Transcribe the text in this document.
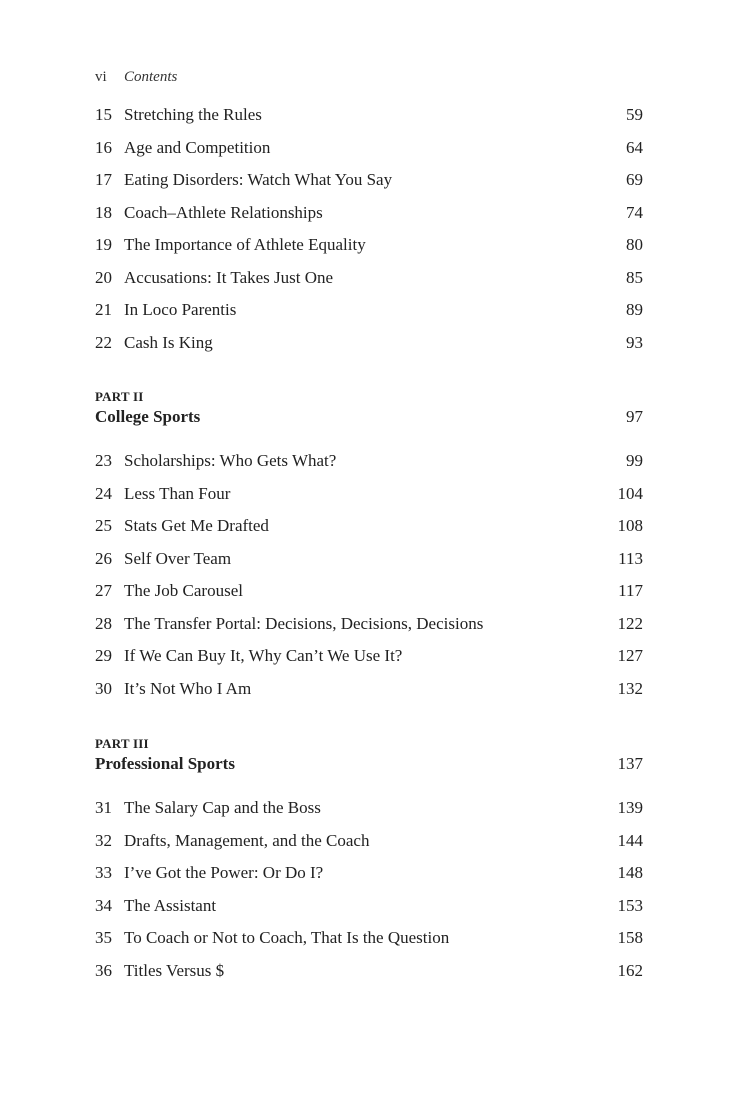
vi Contents
15 Stretching the Rules	59
16 Age and Competition	64
17 Eating Disorders: Watch What You Say	69
18 Coach–Athlete Relationships	74
19 The Importance of Athlete Equality	80
20 Accusations: It Takes Just One	85
21 In Loco Parentis	89
22 Cash Is King	93
PART II
College Sports	97
23 Scholarships: Who Gets What?	99
24 Less Than Four	104
25 Stats Get Me Drafted	108
26 Self Over Team	113
27 The Job Carousel	117
28 The Transfer Portal: Decisions, Decisions, Decisions	122
29 If We Can Buy It, Why Can’t We Use It?	127
30 It’s Not Who I Am	132
PART III
Professional Sports	137
31 The Salary Cap and the Boss	139
32 Drafts, Management, and the Coach	144
33 I’ve Got the Power: Or Do I?	148
34 The Assistant	153
35 To Coach or Not to Coach, That Is the Question	158
36 Titles Versus $	162
